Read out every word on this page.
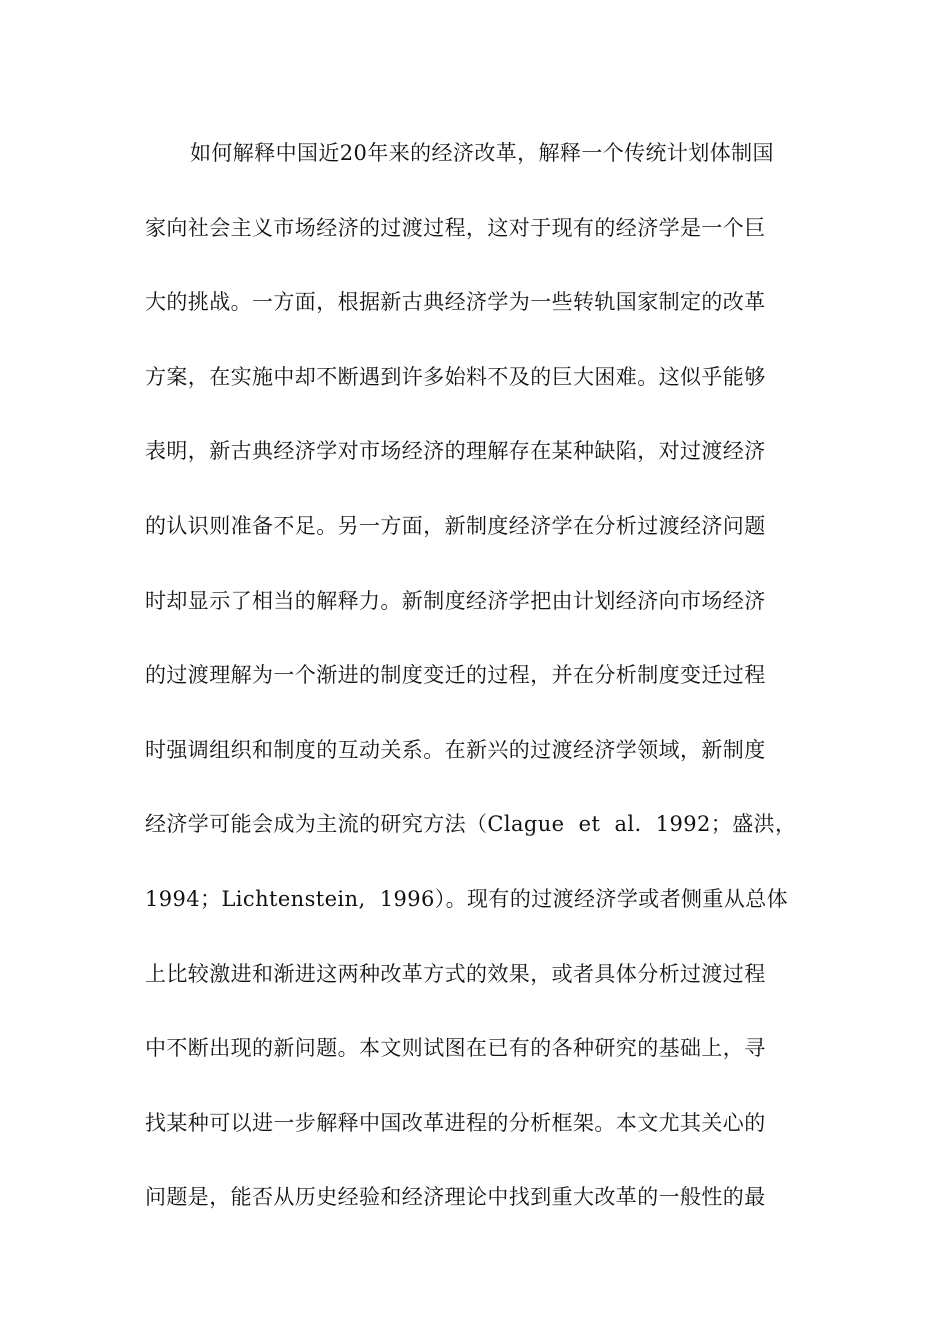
如何解释中国近20年来的经济改革，解释一个传统计划体制国
家向社会主义市场经济的过渡过程，这对于现有的经济学是一个巨
大的挑战。一方面，根据新古典经济学为一些转轨国家制定的改革
方案，在实施中却不断遇到许多始料不及的巨大困难。这似乎能够
表明，新古典经济学对市场经济的理解存在某种缺陷，对过渡经济
的认识则准备不足。另一方面，新制度经济学在分析过渡经济问题
时却显示了相当的解释力。新制度经济学把由计划经济向市场经济
的过渡理解为一个渐进的制度变迁的过程，并在分析制度变迁过程
时强调组织和制度的互动关系。在新兴的过渡经济学领域，新制度
经济学可能会成为主流的研究方法（Clague  et  al.  1992；盛洪，
1994；Lichtenstein,  1996）。现有的过渡经济学或者侧重从总体
上比较激进和渐进这两种改革方式的效果，或者具体分析过渡过程
中不断出现的新问题。本文则试图在已有的各种研究的基础上，寻
找某种可以进一步解释中国改革进程的分析框架。本文尤其关心的
问题是，能否从历史经验和经济理论中找到重大改革的一般性的最
